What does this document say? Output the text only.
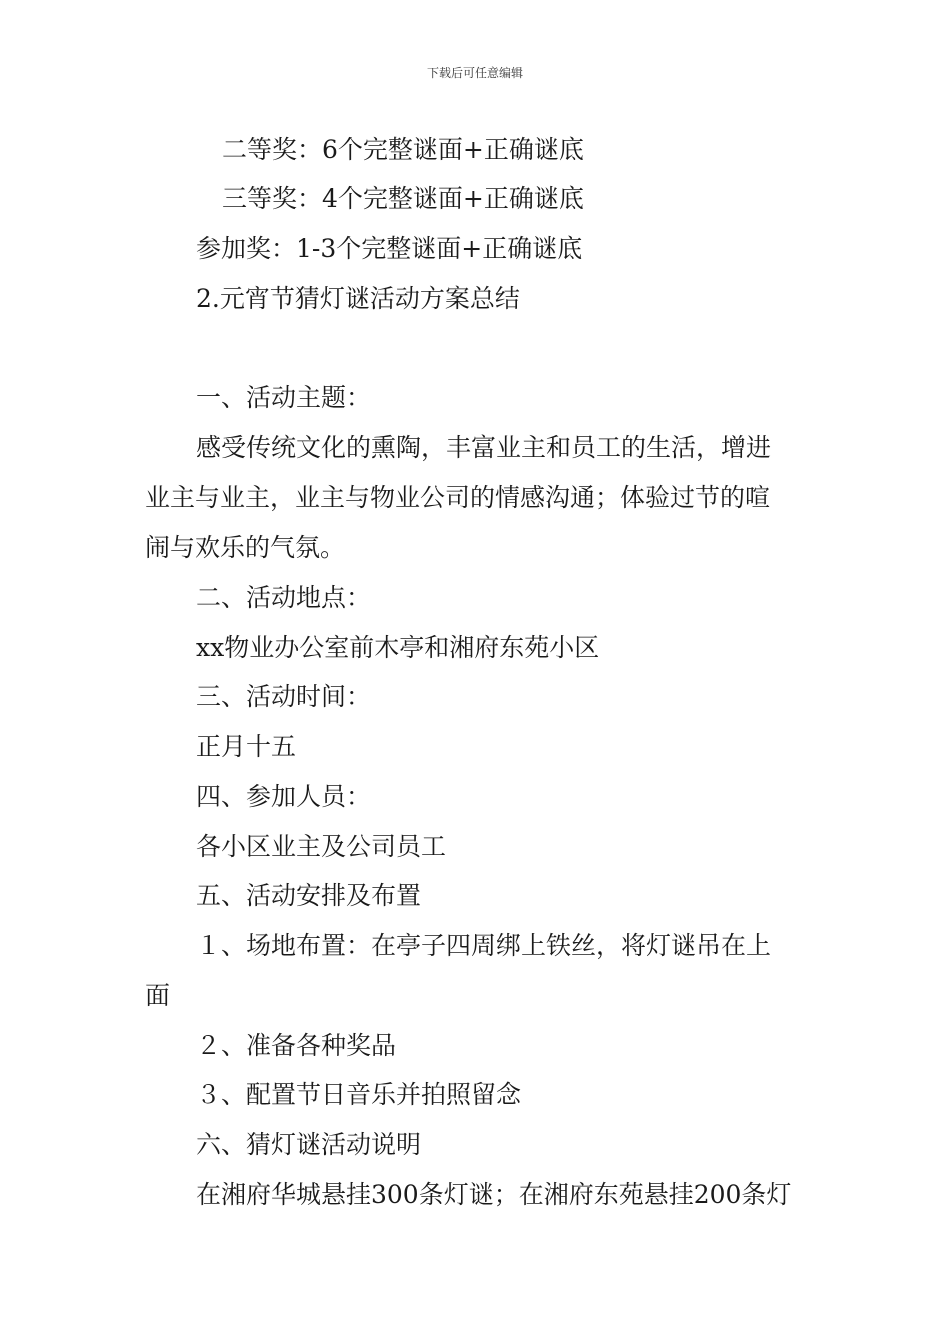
下载后可任意编辑
二等奖：6个完整谜面+正确谜底
三等奖：4个完整谜面+正确谜底
参加奖：1-3个完整谜面+正确谜底
2.元宵节猜灯谜活动方案总结
一、活动主题：
感受传统文化的熏陶，丰富业主和员工的生活，增进
业主与业主，业主与物业公司的情感沟通；体验过节的喧
闹与欢乐的气氛。
二、活动地点：
xx物业办公室前木亭和湘府东苑小区
三、活动时间：
正月十五
四、参加人员：
各小区业主及公司员工
五、活动安排及布置
１、场地布置：在亭子四周绑上铁丝，将灯谜吊在上
面
２、准备各种奖品
３、配置节日音乐并拍照留念
六、猜灯谜活动说明
在湘府华城悬挂300条灯谜；在湘府东苑悬挂200条灯
